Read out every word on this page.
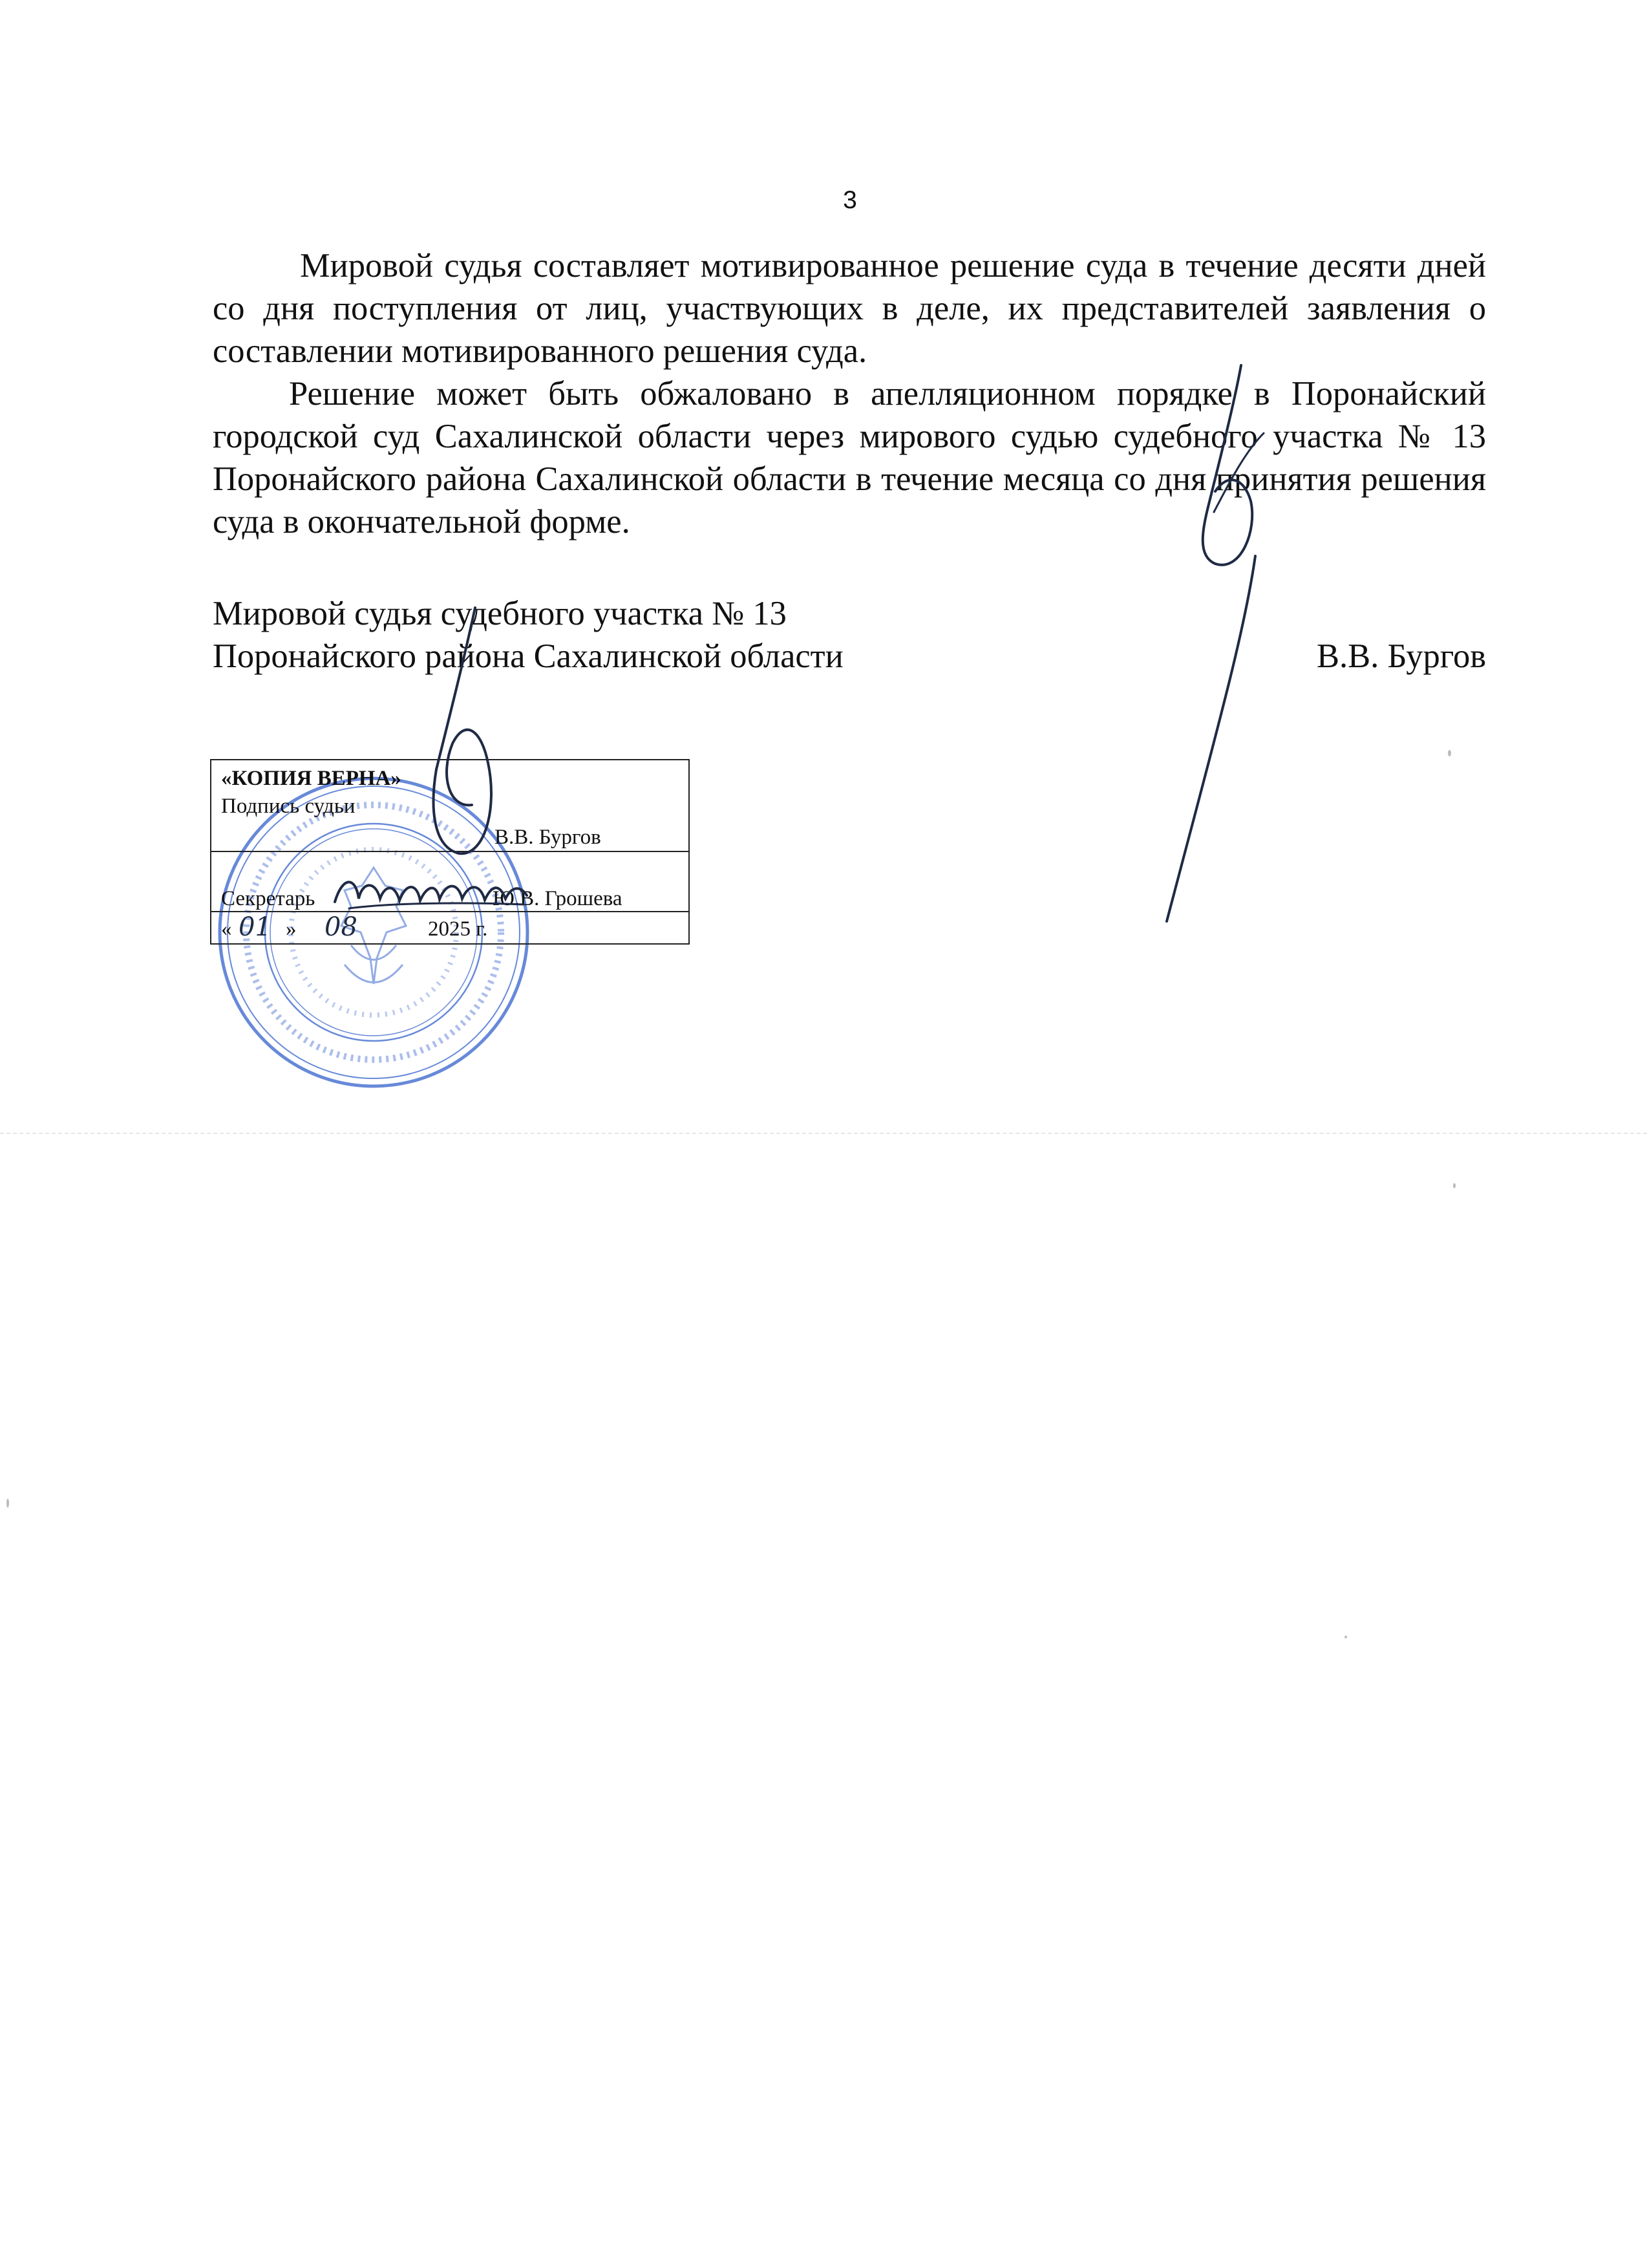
3

Мировой судья составляет мотивированное решение суда в течение десяти дней со дня поступления от лиц, участвующих в деле, их представителей заявления о составлении мотивированного решения суда.

Решение может быть обжаловано в апелляционном порядке в Поронайский городской суд Сахалинской области через мирового судью судебного участка № 13 Поронайского района Сахалинской области в течение месяца со дня принятия решения суда в окончательной форме.

Мировой судья судебного участка № 13
Поронайского района Сахалинской области	В.В. Бургов
«КОПИЯ ВЕРНА»
Подпись судьи
В.В. Бургов
Секретарь	Ю.В. Грошева
« 01 » 08	2025 г.
